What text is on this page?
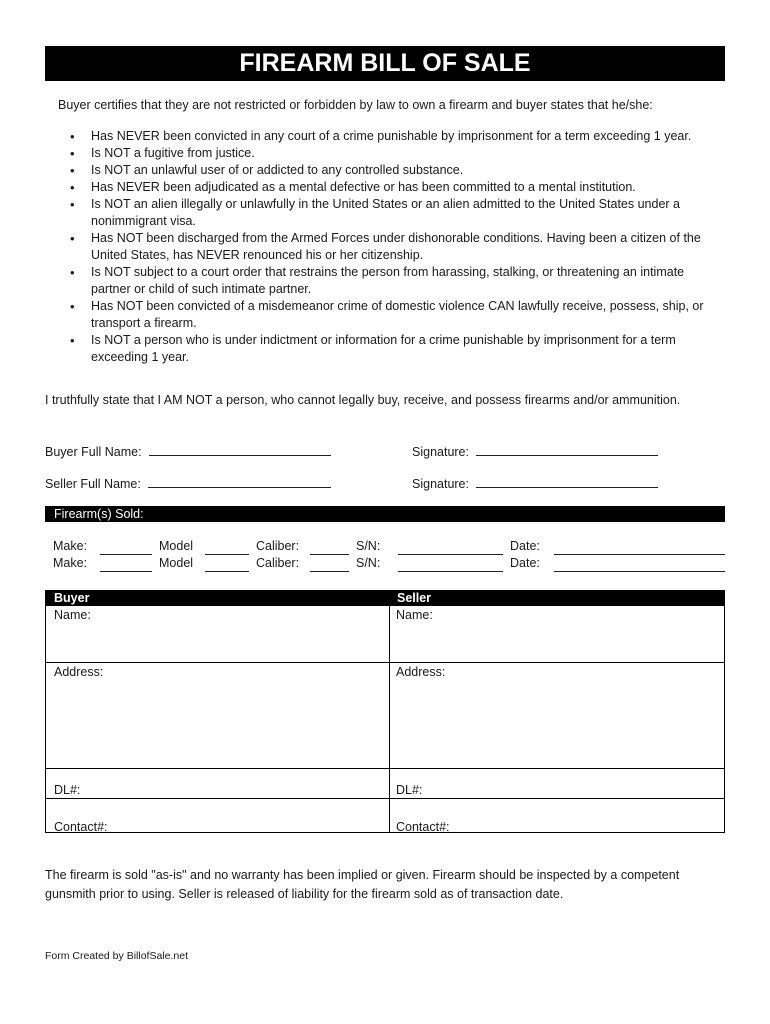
FIREARM BILL OF SALE
Buyer certifies that they are not restricted or forbidden by law to own a firearm and buyer states that he/she:
• Has NEVER been convicted in any court of a crime punishable by imprisonment for a term exceeding 1 year.
• Is NOT a fugitive from justice.
• Is NOT an unlawful user of or addicted to any controlled substance.
• Has NEVER been adjudicated as a mental defective or has been committed to a mental institution.
• Is NOT an alien illegally or unlawfully in the United States or an alien admitted to the United States under a nonimmigrant visa.
• Has NOT been discharged from the Armed Forces under dishonorable conditions. Having been a citizen of the United States, has NEVER renounced his or her citizenship.
• Is NOT subject to a court order that restrains the person from harassing, stalking, or threatening an intimate partner or child of such intimate partner.
• Has NOT been convicted of a misdemeanor crime of domestic violence CAN lawfully receive, possess, ship, or transport a firearm.
• Is NOT a person who is under indictment or information for a crime punishable by imprisonment for a term exceeding 1 year.
I truthfully state that I AM NOT a person, who cannot legally buy, receive, and possess firearms and/or ammunition.
Buyer Full Name:	Signature:
Seller Full Name:	Signature:
Firearm(s) Sold:
Make:	Model	Caliber:	S/N:	Date:
Make:	Model	Caliber:	S/N:	Date:
Buyer	Seller
Name:	Name:
Address:	Address:
DL#:	DL#:
Contact#:	Contact#:
The firearm is sold "as-is" and no warranty has been implied or given. Firearm should be inspected by a competent gunsmith prior to using. Seller is released of liability for the firearm sold as of transaction date.
Form Created by BillofSale.net
